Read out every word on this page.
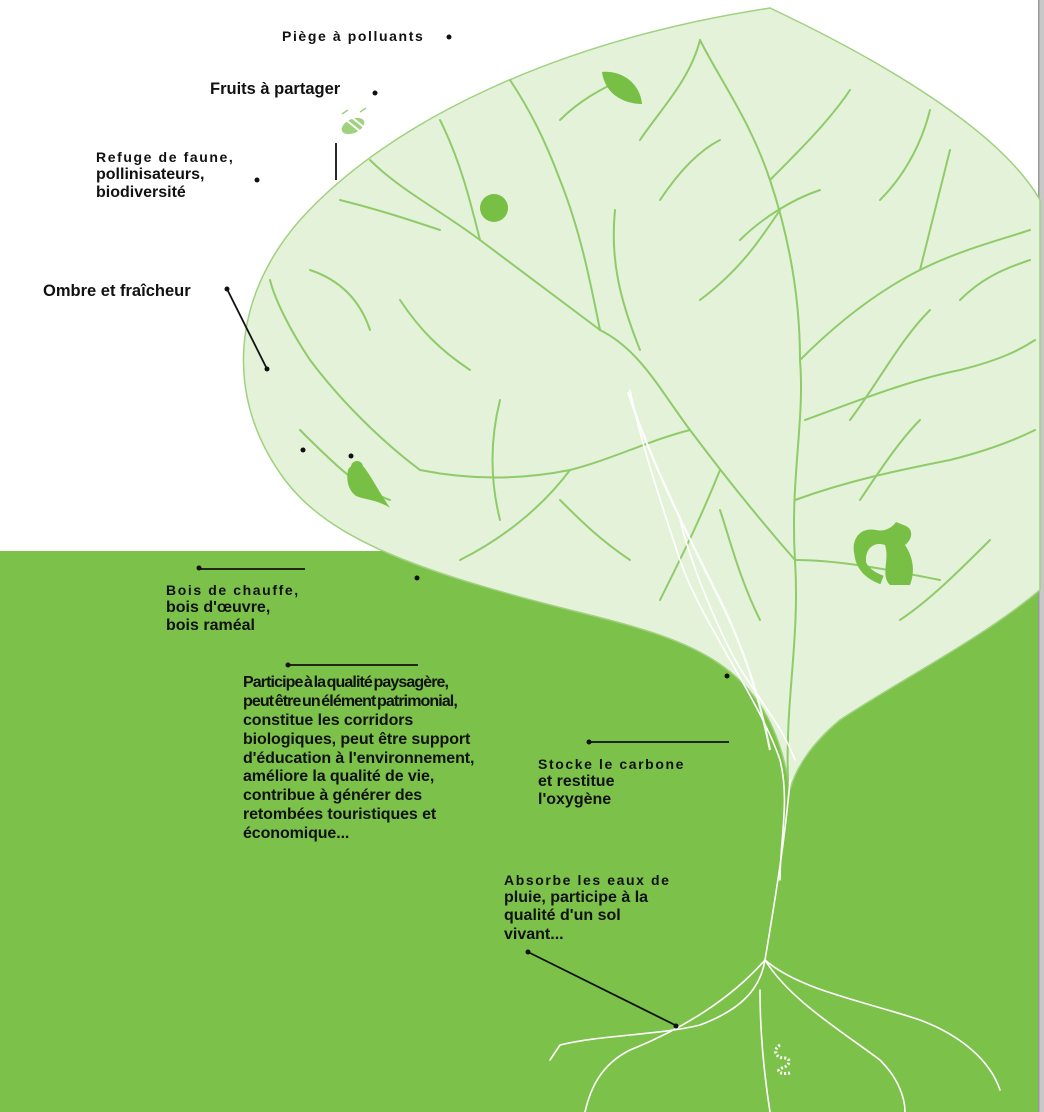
Piège à polluants

Fruits à partager

Refuge de faune,
pollinisateurs,
biodiversité

Ombre et fraîcheur

Bois de chauffe,
bois d'œuvre,
bois raméal

Participe à la qualité paysagère,
peut être un élément patrimonial,
constitue les corridors
biologiques, peut être support
d'éducation à l'environnement,
améliore la qualité de vie,
contribue à générer des
retombées touristiques et
économique...

Stocke le carbone
et restitue
l'oxygène

Absorbe les eaux de
pluie, participe à la
qualité d'un sol
vivant...
